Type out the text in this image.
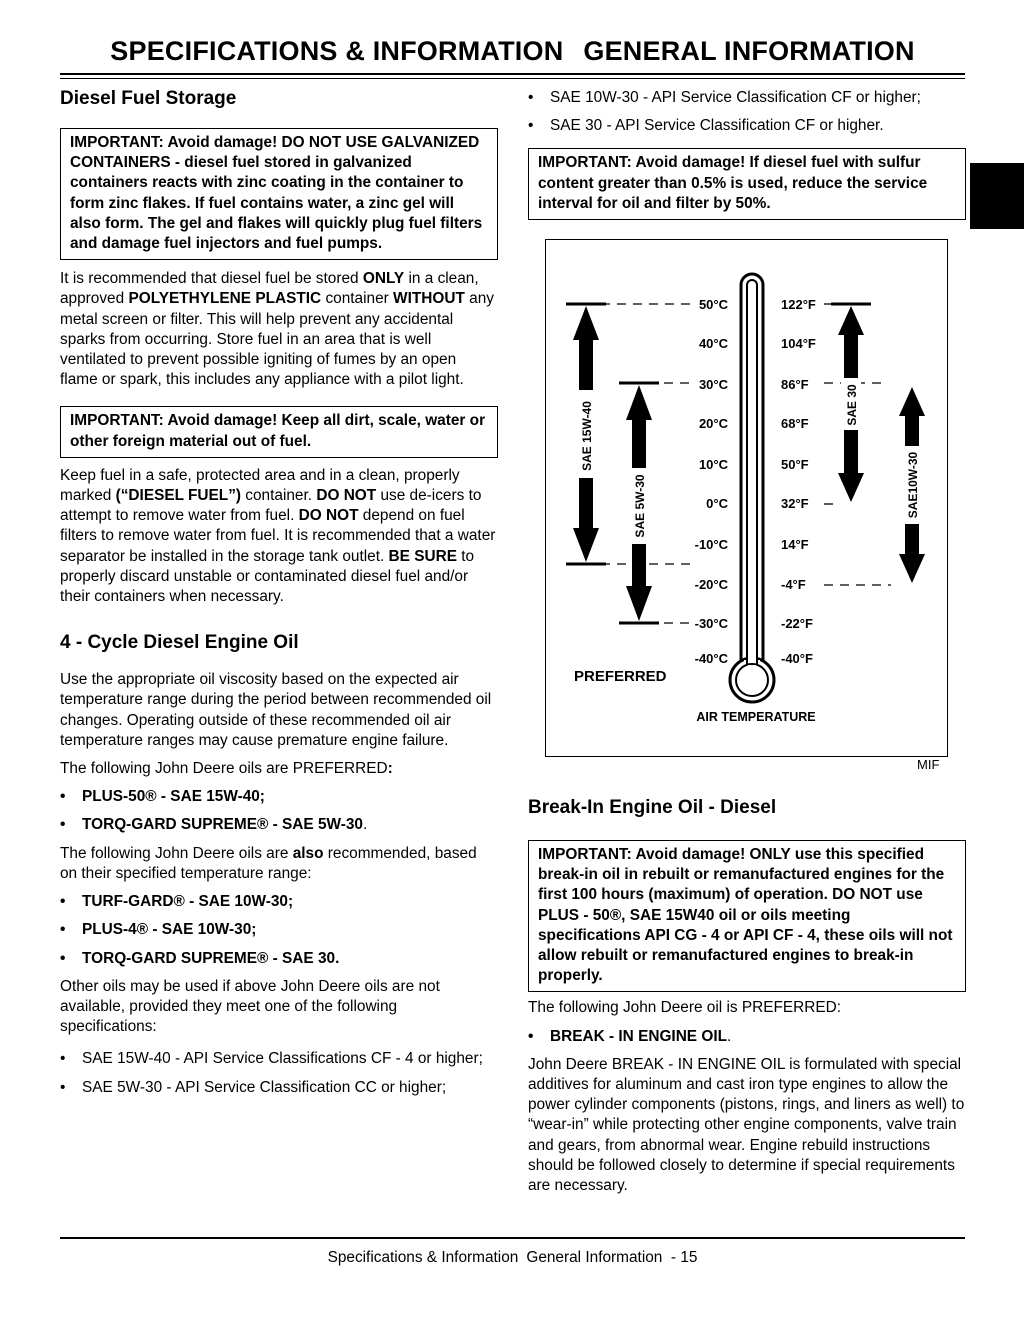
SPECIFICATIONS & INFORMATION GENERAL INFORMATION
Diesel Fuel Storage
IMPORTANT: Avoid damage! DO NOT USE GALVANIZED CONTAINERS - diesel fuel stored in galvanized containers reacts with zinc coating in the container to form zinc flakes. If fuel contains water, a zinc gel will also form. The gel and flakes will quickly plug fuel filters and damage fuel injectors and fuel pumps.

It is recommended that diesel fuel be stored ONLY in a clean, approved POLYETHYLENE PLASTIC container WITHOUT any metal screen or filter. This will help prevent any accidental sparks from occurring. Store fuel in an area that is well ventilated to prevent possible igniting of fumes by an open flame or spark, this includes any appliance with a pilot light.

IMPORTANT: Avoid damage! Keep all dirt, scale, water or other foreign material out of fuel.

Keep fuel in a safe, protected area and in a clean, properly marked (“DIESEL FUEL”) container. DO NOT use de-icers to attempt to remove water from fuel. DO NOT depend on fuel filters to remove water from fuel. It is recommended that a water separator be installed in the storage tank outlet. BE SURE to properly discard unstable or contaminated diesel fuel and/or their containers when necessary.

4 - Cycle Diesel Engine Oil

Use the appropriate oil viscosity based on the expected air temperature range during the period between recommended oil changes. Operating outside of these recommended oil air temperature ranges may cause premature engine failure.

The following John Deere oils are PREFERRED:

• PLUS-50® - SAE 15W-40;
• TORQ-GARD SUPREME® - SAE 5W-30.

The following John Deere oils are also recommended, based on their specified temperature range:

• TURF-GARD® - SAE 10W-30;
• PLUS-4® - SAE 10W-30;
• TORQ-GARD SUPREME® - SAE 30.

Other oils may be used if above John Deere oils are not available, provided they meet one of the following specifications:

• SAE 15W-40 - API Service Classifications CF - 4 or higher;

• SAE 5W-30 - API Service Classification CC or higher;

• SAE 10W-30 - API Service Classification CF or higher;

• SAE 30 - API Service Classification CF or higher.

IMPORTANT: Avoid damage! If diesel fuel with sulfur content greater than 0.5% is used, reduce the service interval for oil and filter by 50%.
50°C
40°C
30°C
20°C
10°C
0°C
-10°C
-20°C
-30°C
-40°C
122°F
104°F
86°F
68°F
50°F
32°F
14°F
-4°F
-22°F
-40°F
SAE 15W-40
SAE 5W-30
SAE 30
SAE10W-30
PREFERRED
AIR TEMPERATURE
MIF
Break-In Engine Oil - Diesel
IMPORTANT: Avoid damage! ONLY use this specified break-in oil in rebuilt or remanufactured engines for the first 100 hours (maximum) of operation. DO NOT use PLUS - 50®, SAE 15W40 oil or oils meeting specifications API CG - 4 or API CF - 4, these oils will not allow rebuilt or remanufactured engines to break-in properly.

The following John Deere oil is PREFERRED:

• BREAK - IN ENGINE OIL.

John Deere BREAK - IN ENGINE OIL is formulated with special additives for aluminum and cast iron type engines to allow the power cylinder components (pistons, rings, and liners as well) to “wear-in” while protecting other engine components, valve train and gears, from abnormal wear. Engine rebuild instructions should be followed closely to determine if special requirements are necessary.

Specifications & Information General Information  - 15
